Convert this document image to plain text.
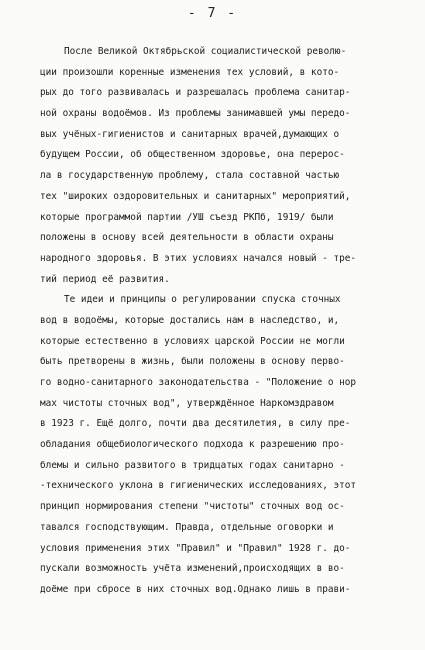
- 7 -
После Великой Октябрьской социалистической револю-
ции произошли коренные изменения тех условий, в кото-
рых до того развивалась и разрешалась проблема санитар-
ной охраны водоёмов. Из проблемы занимавшей умы передо-
вых учёных-гигиенистов и санитарных врачей,думающих о
будущем России, об общественном здоровье, она перерос-
ла в государственную проблему, стала составной частью
тех "широких оздоровительных и санитарных" мероприятий,
которые программой партии /УШ съезд РКПб, 1919/ были
положены в основу всей деятельности в области охраны
народного здоровья. В этих условиях начался новый - тре-
тий период её развития.
Те идеи и принципы о регулировании спуска сточных
вод в водоёмы, которые достались нам в наследство, и,
которые естественно в условиях царской России не могли
быть претворены в жизнь, были положены в основу перво-
го водно-санитарного законодательства - "Положение о нор
мах чистоты сточных вод", утверждённое Наркомздравом
в 1923 г. Ещё долго, почти два десятилетия, в силу пре-
обладания общебиологического подхода к разрешению про-
блемы и сильно развитого в тридцатых годах санитарно -
-технического уклона в гигиенических исследованиях, этот
принцип нормирования степени "чистоты" сточных вод ос-
тавался господствующим. Правда, отдельные оговорки и
условия применения этих "Правил" и "Правил" 1928 г. до-
пускали возможность учёта изменений,происходящих в во-
доёме при сбросе в них сточных вод.Однако лишь в прави-
